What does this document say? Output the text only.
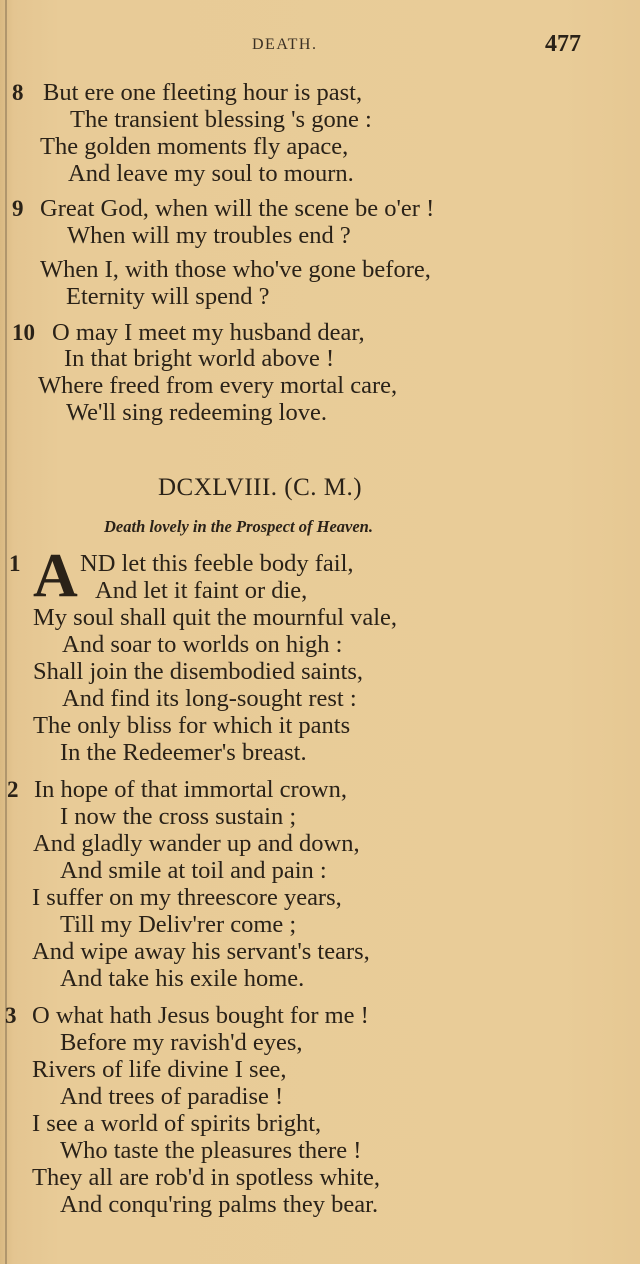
DEATH.	477
8 But ere one fleeting hour is past,
The transient blessing 's gone :
The golden moments fly apace,
And leave my soul to mourn.
9 Great God, when will the scene be o'er !
When will my troubles end ?
When I, with those who've gone before,
Eternity will spend ?
10 O may I meet my husband dear,
In that bright world above !
Where freed from every mortal care,
We'll sing redeeming love.
DCXLVIII. (C. M.)
Death lovely in the Prospect of Heaven.
1 A ND let this feeble body fail,
And let it faint or die,
My soul shall quit the mournful vale,
And soar to worlds on high :
Shall join the disembodied saints,
And find its long-sought rest :
The only bliss for which it pants
In the Redeemer's breast.
2 In hope of that immortal crown,
I now the cross sustain ;
And gladly wander up and down,
And smile at toil and pain :
I suffer on my threescore years,
Till my Deliv'rer come ;
And wipe away his servant's tears,
And take his exile home.
3 O what hath Jesus bought for me !
Before my ravish'd eyes,
Rivers of life divine I see,
And trees of paradise !
I see a world of spirits bright,
Who taste the pleasures there !
They all are rob'd in spotless white,
And conqu'ring palms they bear.
